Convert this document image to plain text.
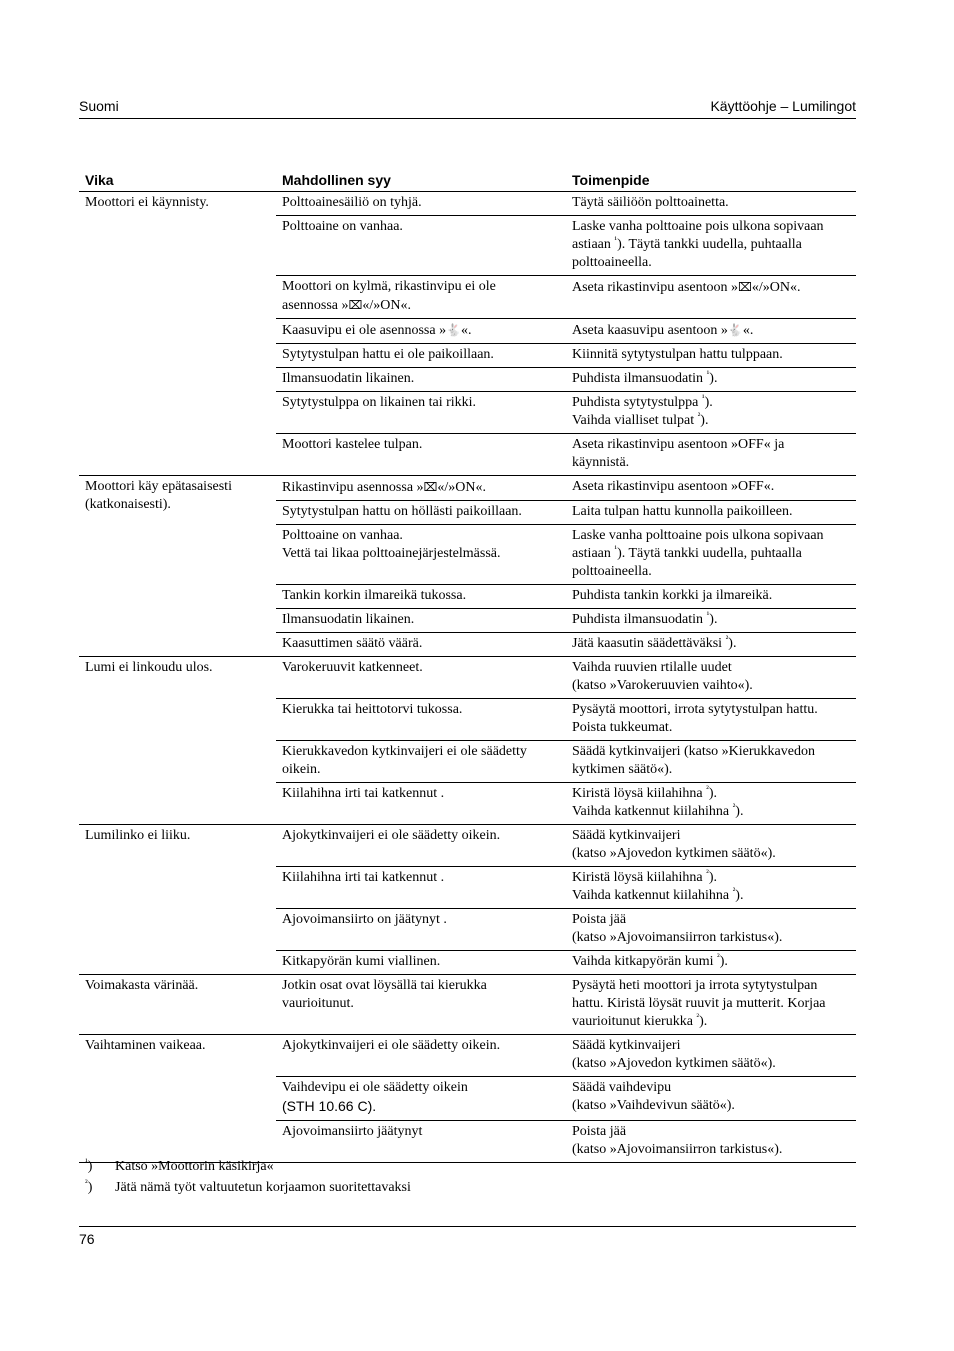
Suomi	Käyttöohje – Lumilingot
Vika	Mahdollinen syy	Toimenpide

Moottori ei käynnisty.	Polttoainesäiliö on tyhjä.	Täytä säiliöön polttoainetta.

	Polttoaine on vanhaa.	Laske vanha polttoaine pois ulkona sopivaan
astiaan $^{^1}$). Täytä tankki uudella, puhtaalla
polttoaineella.

	Moottori on kylmä, rikastinvipu ei ole
asennossa »⌧«/»ON«.	Aseta rikastinvipu asentoon »⌧«/»ON«.

	Kaasuvipu ei ole asennossa »🐇«.	Aseta kaasuvipu asentoon »🐇«.

	Sytytystulpan hattu ei ole paikoillaan.	Kiinnitä sytytystulpan hattu tulppaan.

	Ilmansuodatin likainen.	Puhdista ilmansuodatin $^{^1}$).

	Sytytystulppa on likainen tai rikki.	Puhdista sytytystulppa $^{^1}$).
Vaihda vialliset tulpat $^{^2}$).

	Moottori kastelee tulpan.	Aseta rikastinvipu asentoon »OFF« ja
käynnistä.

Moottori käy epätasaisesti
(katkonaisesti).	Rikastinvipu asennossa »⌧«/»ON«.	Aseta rikastinvipu asentoon »OFF«.

	Sytytystulpan hattu on höllästi paikoillaan.	Laita tulpan hattu kunnolla paikoilleen.

	Polttoaine on vanhaa.
Vettä tai likaa polttoainejärjestelmässä.	Laske vanha polttoaine pois ulkona sopivaan
astiaan $^{^1}$). Täytä tankki uudella, puhtaalla
polttoaineella.

	Tankin korkin ilmareikä tukossa.	Puhdista tankin korkki ja ilmareikä.

	Ilmansuodatin likainen.	Puhdista ilmansuodatin $^{^1}$).

	Kaasuttimen säätö väärä.	Jätä kaasutin säädettäväksi $^{^2}$).

Lumi ei linkoudu ulos.	Varokeruuvit katkenneet.	Vaihda ruuvien rtilalle uudet
(katso »Varokeruuvien vaihto«).

	Kierukka tai heittotorvi tukossa.	Pysäytä moottori, irrota sytytystulpan hattu.
Poista tukkeumat.

	Kierukkavedon kytkinvaijeri ei ole säädetty
oikein.	Säädä kytkinvaijeri (katso »Kierukkavedon
kytkimen säätö«).

	Kiilahihna irti tai katkennut .	Kiristä löysä kiilahihna $^{^2}$).
Vaihda katkennut kiilahihna $^{^2}$).

Lumilinko ei liiku.	Ajokytkinvaijeri ei ole säädetty oikein.	Säädä kytkinvaijeri
(katso »Ajovedon kytkimen säätö«).

	Kiilahihna irti tai katkennut .	Kiristä löysä kiilahihna $^{^2}$).
Vaihda katkennut kiilahihna $^{^2}$).

	Ajovoimansiirto on jäätynyt .	Poista jää
(katso »Ajovoimansiirron tarkistus«).

	Kitkapyörän kumi viallinen.	Vaihda kitkapyörän kumi $^{^2}$).

Voimakasta värinää.	Jotkin osat ovat löysällä tai kierukka
vaurioitunut.	Pysäytä heti moottori ja irrota sytytystulpan
hattu. Kiristä löysät ruuvit ja mutterit. Korjaa
vaurioitunut kierukka $^{^2}$).

Vaihtaminen vaikeaa.	Ajokytkinvaijeri ei ole säädetty oikein.	Säädä kytkinvaijeri
(katso »Ajovedon kytkimen säätö«).

	Vaihdevipu ei ole säädetty oikein
(STH 10.66 C).	Säädä vaihdevipu
(katso »Vaihdevivun säätö«).

	Ajovoimansiirto jäätynyt	Poista jää
(katso »Ajovoimansiirron tarkistus«).
$^{^1}$) Katso »Moottorin käsikirja«
$^{^2}$) Jätä nämä työt valtuutetun korjaamon suoritettavaksi
76
